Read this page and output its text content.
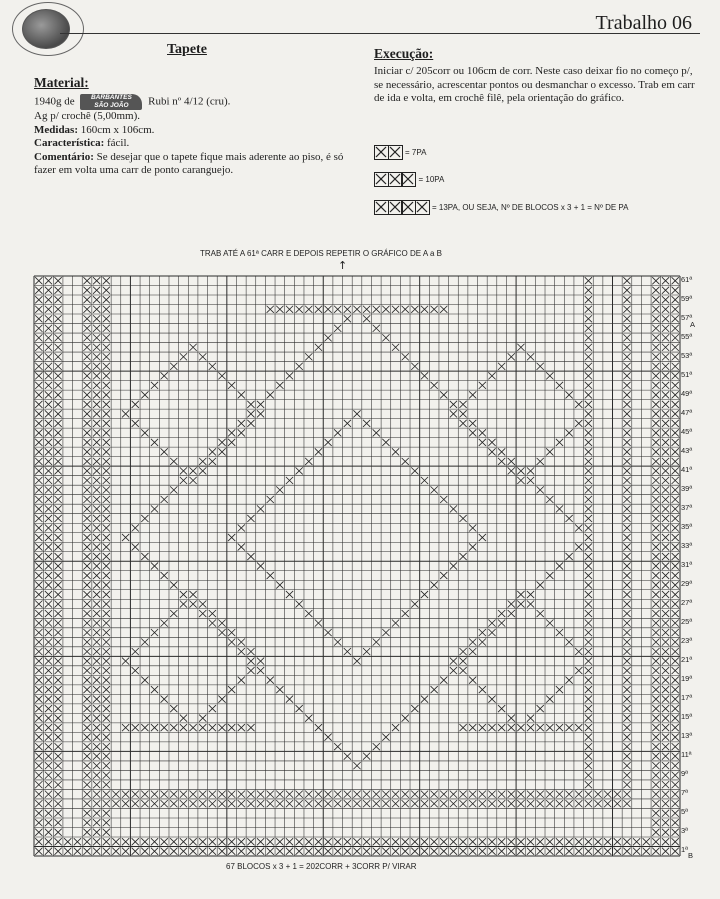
Trabalho 06
Tapete
Material:
1940g de	BARBANTES
SÃO JOÃO Rubi nº 4/12 (cru).
Ag p/ crochê (5,00mm).
Medidas: 160cm x 106cm.
Característica: fácil.
Comentário: Se desejar que o tapete fique mais aderente ao piso, é só fazer em volta uma carr de ponto caranguejo.
Execução:
Iniciar c/ 205corr ou 106cm de corr. Neste caso deixar fio no começo p/, se necessário, acrescentar pontos ou desmanchar o excesso. Trab em carr de ida e volta, em crochê filê, pela orientação do gráfico.
= 7PA
= 10PA
= 13PA, OU SEJA, Nº DE BLOCOS x 3 + 1 = Nº DE PA
TRAB ATÉ A 61ª CARR E DEPOIS REPETIR O GRÁFICO DE A a B
↑
A
B
61ª
59ª
57ª
55ª
53ª
51ª
49ª
47ª
45ª
43ª
41ª
39ª
37ª
35ª
33ª
31ª
29ª
27ª
25ª
23ª
21ª
19ª
17ª
15ª
13ª
11ª
9ª
7ª
5ª
3ª
1ª
67 BLOCOS x 3 + 1 = 202CORR + 3CORR P/ VIRAR
